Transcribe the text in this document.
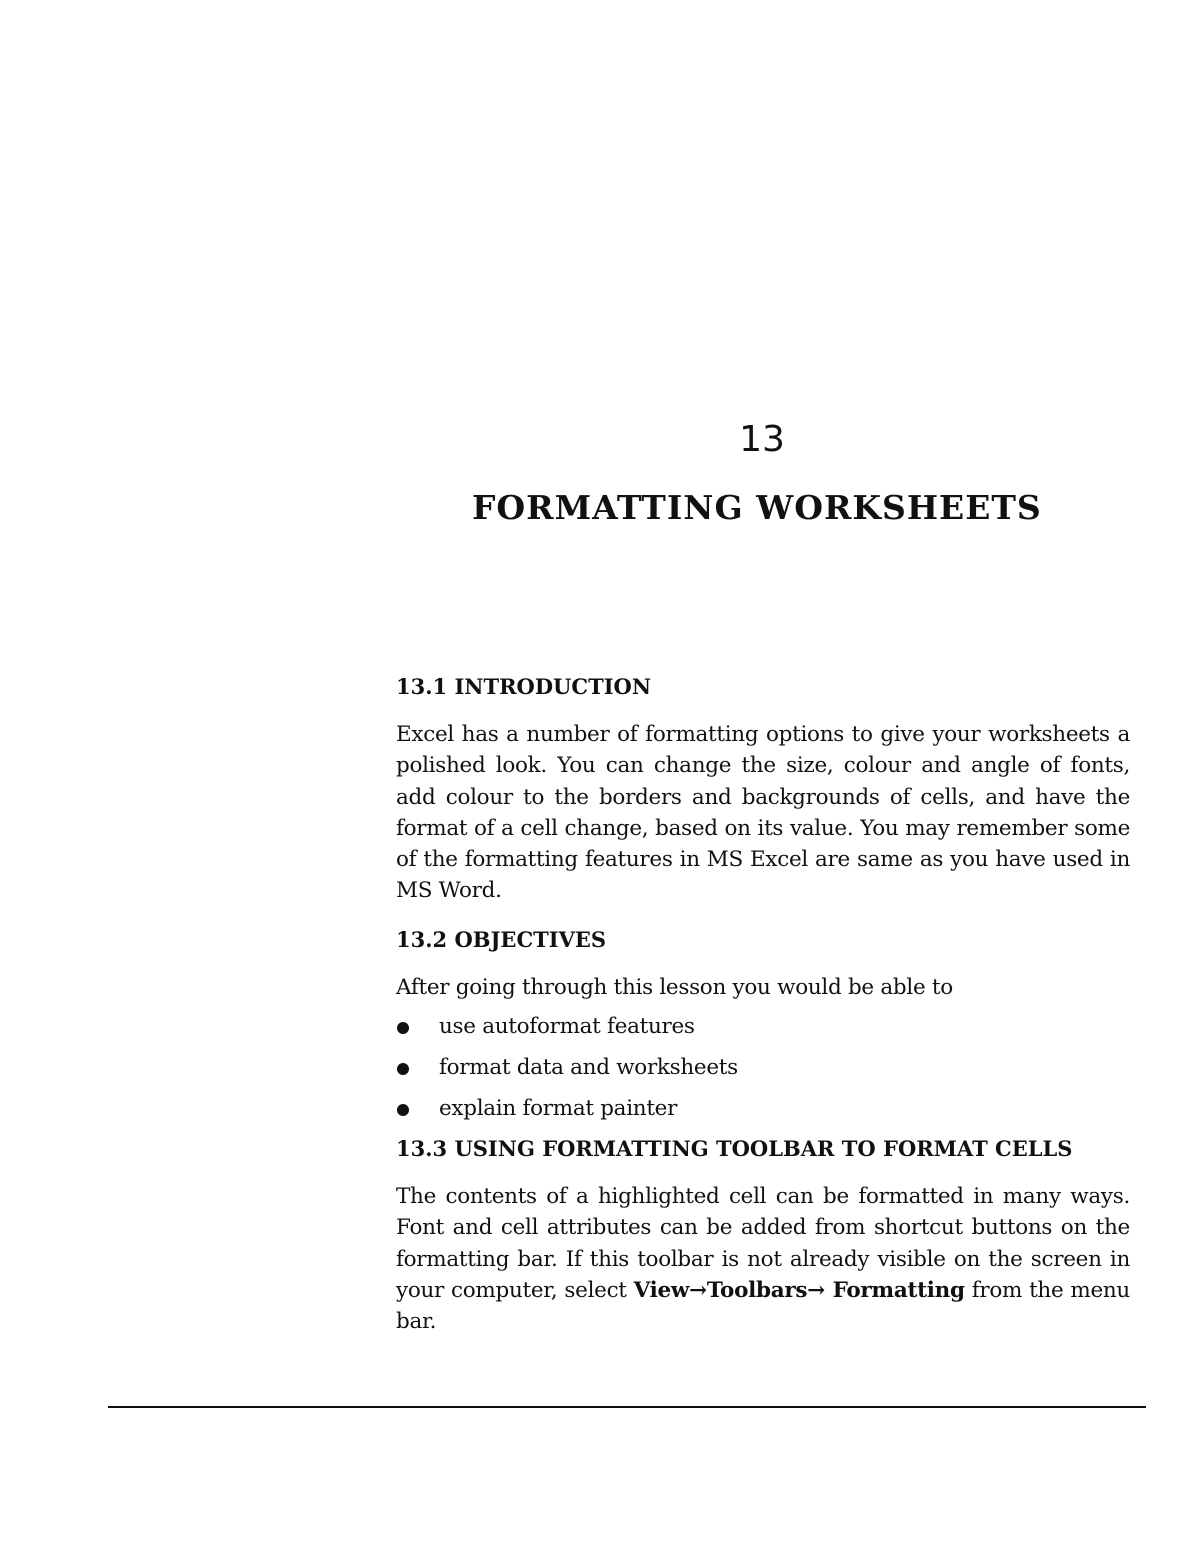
13
FORMATTING WORKSHEETS
13.1 INTRODUCTION

Excel has a number of formatting options to give your worksheets a polished look. You can change the size, colour and angle of fonts, add colour to the borders and backgrounds of cells, and have the format of a cell change, based on its value. You may remember some of the formatting features in MS Excel are same as you have used in MS Word.

13.2 OBJECTIVES

After going through this lesson you would be able to

use autoformat features
format data and worksheets
explain format painter
13.3 USING FORMATTING TOOLBAR TO FORMAT CELLS

The contents of a highlighted cell can be formatted in many ways. Font and cell attributes can be added from shortcut buttons on the formatting bar. If this toolbar is not already visible on the screen in your computer, select View→Toolbars→ Formatting from the menu bar.
